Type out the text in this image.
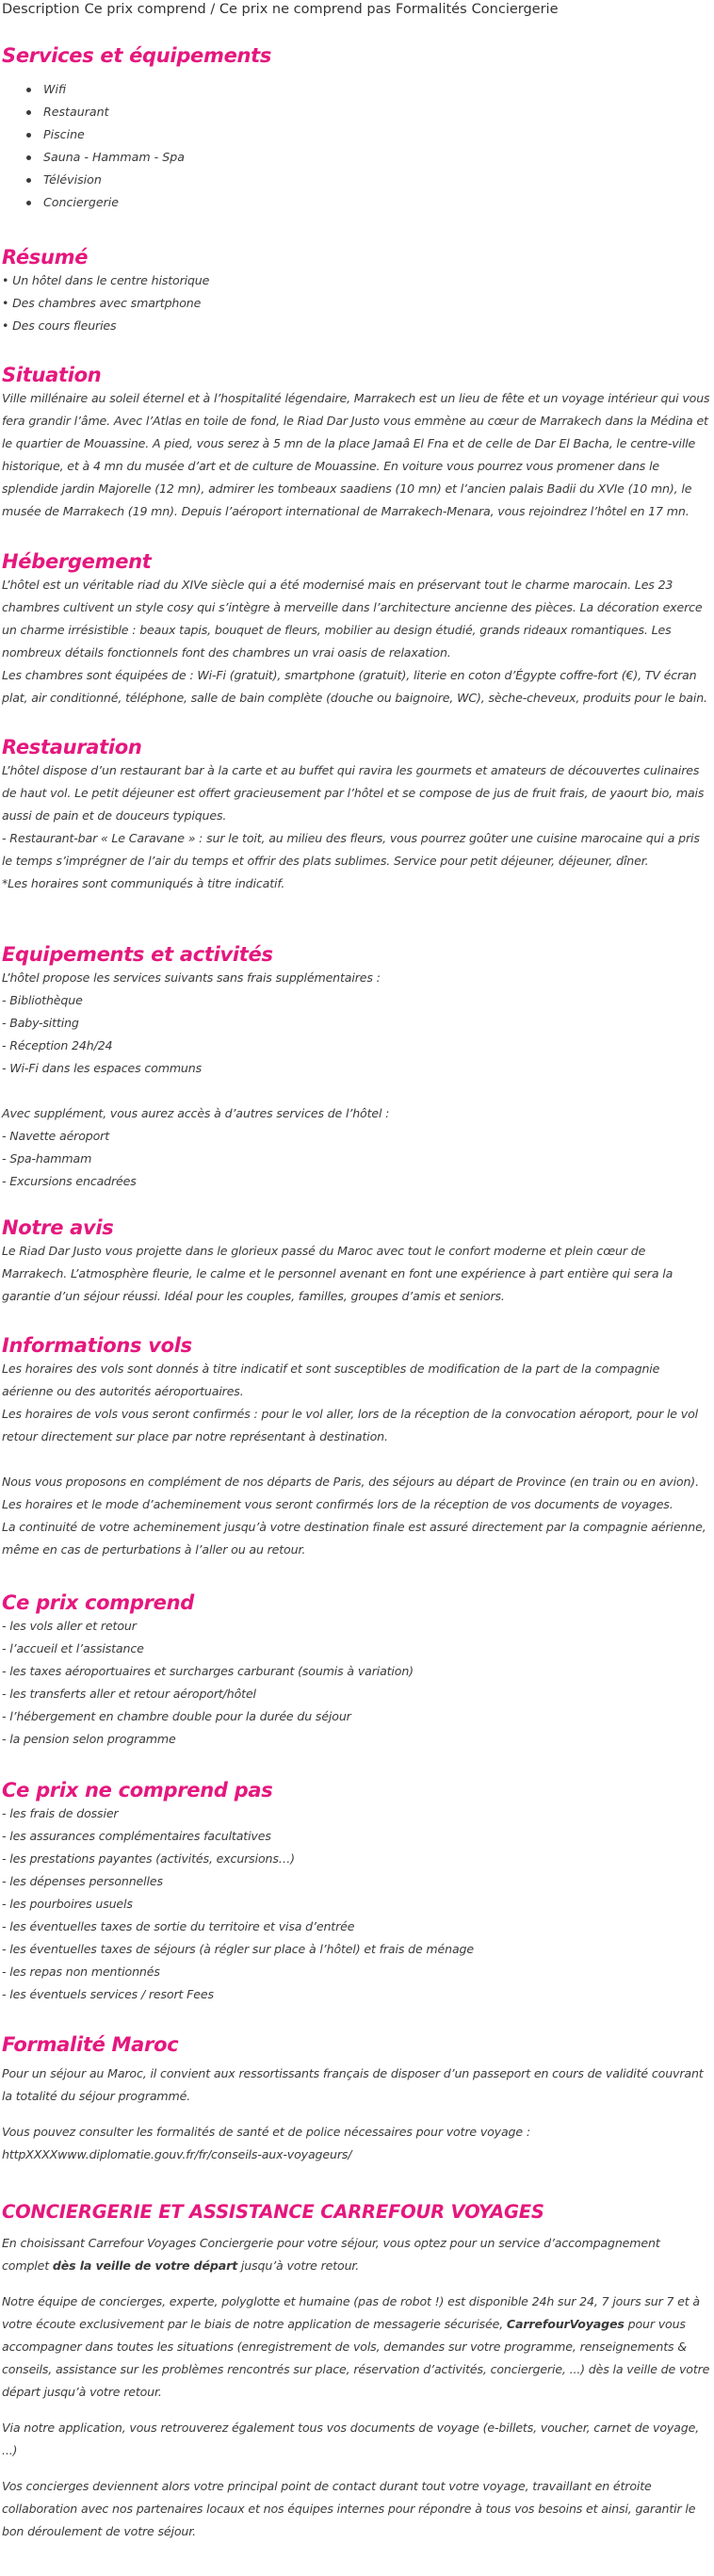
Description Ce prix comprend / Ce prix ne comprend pas Formalités Conciergerie
Services et équipements
Wifi
Restaurant
Piscine
Sauna - Hammam - Spa
Télévision
Conciergerie
Résumé

• Un hôtel dans le centre historique

• Des chambres avec smartphone

• Des cours fleuries

Situation

Ville millénaire au soleil éternel et à l’hospitalité légendaire, Marrakech est un lieu de fête et un voyage intérieur qui vous fera grandir l’âme. Avec l’Atlas en toile de fond, le Riad Dar Justo vous emmène au cœur de Marrakech dans la Médina et le quartier de Mouassine. A pied, vous serez à 5 mn de la place Jamaâ El Fna et de celle de Dar El Bacha, le centre-ville historique, et à 4 mn du musée d’art et de culture de Mouassine. En voiture vous pourrez vous promener dans le splendide jardin Majorelle (12 mn), admirer les tombeaux saadiens (10 mn) et l’ancien palais Badii du XVIe (10 mn), le musée de Marrakech (19 mn). Depuis l’aéroport international de Marrakech-Menara, vous rejoindrez l’hôtel en 17 mn.

Hébergement

L’hôtel est un véritable riad du XIVe siècle qui a été modernisé mais en préservant tout le charme marocain. Les 23 chambres cultivent un style cosy qui s’intègre à merveille dans l’architecture ancienne des pièces. La décoration exerce un charme irrésistible : beaux tapis, bouquet de fleurs, mobilier au design étudié, grands rideaux romantiques. Les nombreux détails fonctionnels font des chambres un vrai oasis de relaxation.

Les chambres sont équipées de : Wi-Fi (gratuit), smartphone (gratuit), literie en coton d’Égypte coffre-fort (€), TV écran plat, air conditionné, téléphone, salle de bain complète (douche ou baignoire, WC), sèche-cheveux, produits pour le bain.

Restauration

L’hôtel dispose d’un restaurant bar à la carte et au buffet qui ravira les gourmets et amateurs de découvertes culinaires de haut vol. Le petit déjeuner est offert gracieusement par l’hôtel et se compose de jus de fruit frais, de yaourt bio, mais aussi de pain et de douceurs typiques.

- Restaurant-bar « Le Caravane » : sur le toit, au milieu des fleurs, vous pourrez goûter une cuisine marocaine qui a pris le temps s’imprégner de l’air du temps et offrir des plats sublimes. Service pour petit déjeuner, déjeuner, dîner.

*Les horaires sont communiqués à titre indicatif.

Equipements et activités

L’hôtel propose les services suivants sans frais supplémentaires :

- Bibliothèque

- Baby-sitting

- Réception 24h/24

- Wi-Fi dans les espaces communs

Avec supplément, vous aurez accès à d’autres services de l’hôtel :

- Navette aéroport

- Spa-hammam

- Excursions encadrées

Notre avis

Le Riad Dar Justo vous projette dans le glorieux passé du Maroc avec tout le confort moderne et plein cœur de Marrakech. L’atmosphère fleurie, le calme et le personnel avenant en font une expérience à part entière qui sera la garantie d’un séjour réussi. Idéal pour les couples, familles, groupes d’amis et seniors.

Informations vols

Les horaires des vols sont donnés à titre indicatif et sont susceptibles de modification de la part de la compagnie aérienne ou des autorités aéroportuaires.

Les horaires de vols vous seront confirmés : pour le vol aller, lors de la réception de la convocation aéroport, pour le vol retour directement sur place par notre représentant à destination.

Nous vous proposons en complément de nos départs de Paris, des séjours au départ de Province (en train ou en avion).

Les horaires et le mode d’acheminement vous seront confirmés lors de la réception de vos documents de voyages.

La continuité de votre acheminement jusqu’à votre destination finale est assuré directement par la compagnie aérienne, même en cas de perturbations à l’aller ou au retour.

Ce prix comprend

- les vols aller et retour

- l’accueil et l’assistance

- les taxes aéroportuaires et surcharges carburant (soumis à variation)

- les transferts aller et retour aéroport/hôtel

- l’hébergement en chambre double pour la durée du séjour

- la pension selon programme

Ce prix ne comprend pas

- les frais de dossier

- les assurances complémentaires facultatives

- les prestations payantes (activités, excursions…)

- les dépenses personnelles

- les pourboires usuels

- les éventuelles taxes de sortie du territoire et visa d’entrée

- les éventuelles taxes de séjours (à régler sur place à l’hôtel) et frais de ménage

- les repas non mentionnés

- les éventuels services / resort Fees

Formalité Maroc

Pour un séjour au Maroc, il convient aux ressortissants français de disposer d’un passeport en cours de validité couvrant la totalité du séjour programmé.

Vous pouvez consulter les formalités de santé et de police nécessaires pour votre voyage :

httpXXXXwww.diplomatie.gouv.fr/fr/conseils-aux-voyageurs/

CONCIERGERIE ET ASSISTANCE CARREFOUR VOYAGES

En choisissant Carrefour Voyages Conciergerie pour votre séjour, vous optez pour un service d’accompagnement complet dès la veille de votre départ jusqu’à votre retour.

Notre équipe de concierges, experte, polyglotte et humaine (pas de robot !) est disponible 24h sur 24, 7 jours sur 7 et à votre écoute exclusivement par le biais de notre application de messagerie sécurisée, CarrefourVoyages pour vous accompagner dans toutes les situations (enregistrement de vols, demandes sur votre programme, renseignements & conseils, assistance sur les problèmes rencontrés sur place, réservation d’activités, conciergerie, ...) dès la veille de votre départ jusqu’à votre retour.

Via notre application, vous retrouverez également tous vos documents de voyage (e-billets, voucher, carnet de voyage, ...)

Vos concierges deviennent alors votre principal point de contact durant tout votre voyage, travaillant en étroite collaboration avec nos partenaires locaux et nos équipes internes pour répondre à tous vos besoins et ainsi, garantir le bon déroulement de votre séjour.
